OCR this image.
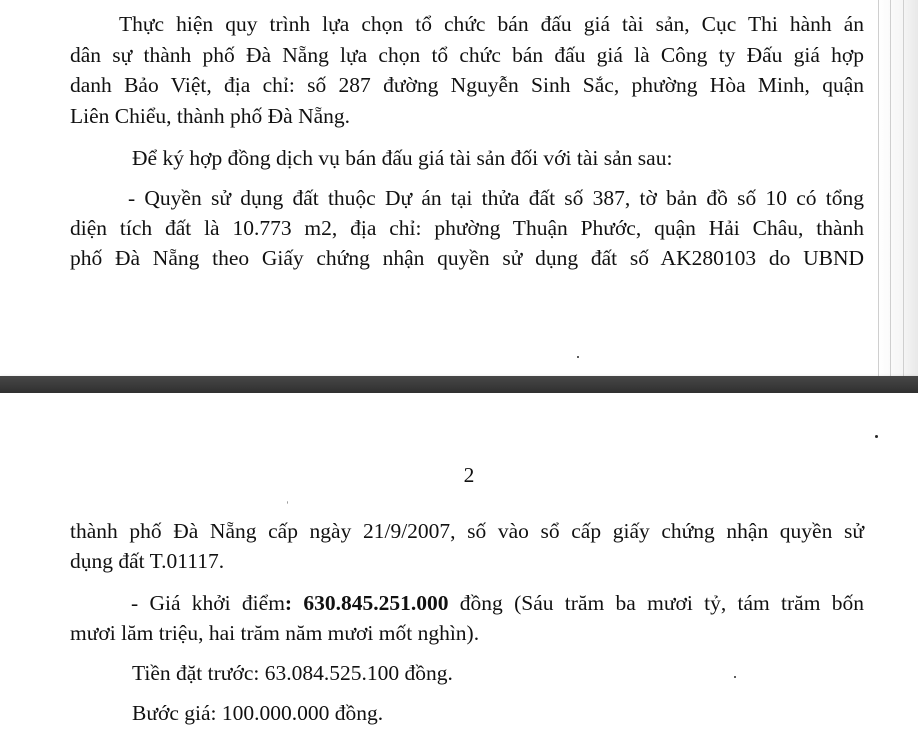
Thực hiện quy trình lựa chọn tổ chức bán đấu giá tài sản, Cục Thi hành án
dân sự thành phố Đà Nẵng lựa chọn tổ chức bán đấu giá là Công ty Đấu giá hợp
danh Bảo Việt, địa chỉ: số 287 đường Nguyễn Sinh Sắc, phường Hòa Minh, quận
Liên Chiểu, thành phố Đà Nẵng.
Để ký hợp đồng dịch vụ bán đấu giá tài sản đối với tài sản sau:
- Quyền sử dụng đất thuộc Dự án tại thửa đất số 387, tờ bản đồ số 10 có tổng
diện tích đất là 10.773 m2, địa chỉ: phường Thuận Phước, quận Hải Châu, thành
phố Đà Nẵng theo Giấy chứng nhận quyền sử dụng đất số AK280103 do UBND
2
thành phố Đà Nẵng cấp ngày 21/9/2007, số vào sổ cấp giấy chứng nhận quyền sử
dụng đất T.01117.
- Giá khởi điểm: 630.845.251.000 đồng (Sáu trăm ba mươi tỷ, tám trăm bốn
mươi lăm triệu, hai trăm năm mươi mốt nghìn).
Tiền đặt trước: 63.084.525.100 đồng.
Bước giá: 100.000.000 đồng.
